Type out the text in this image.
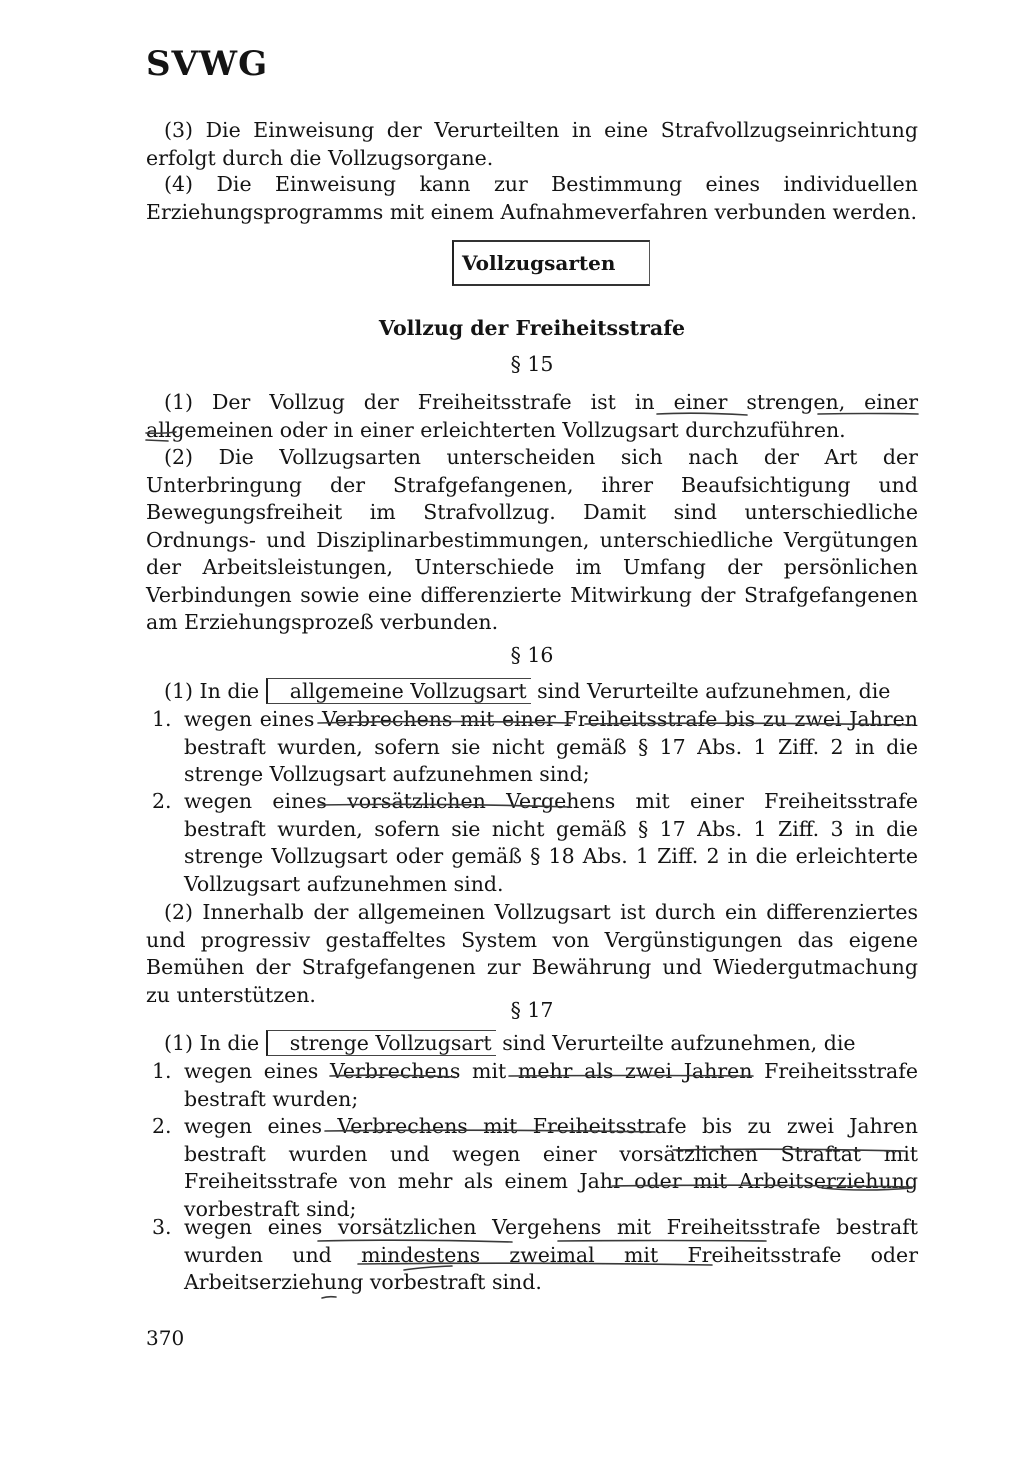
SVWG
(3) Die Einweisung der Verurteilten in eine Strafvollzugseinrichtung erfolgt durch die Vollzugsorgane.
(4) Die Einweisung kann zur Bestimmung eines individuellen Erziehungsprogramms mit einem Aufnahmeverfahren verbunden werden.
Vollzugsarten
Vollzug der Freiheitsstrafe
§ 15
(1) Der Vollzug der Freiheitsstrafe ist in einer strengen, einer allgemeinen oder in einer erleichterten Vollzugsart durchzuführen.
(2) Die Vollzugsarten unterscheiden sich nach der Art der Unterbringung der Strafgefangenen, ihrer Beaufsichtigung und Bewegungsfreiheit im Strafvollzug. Damit sind unterschiedliche Ordnungs- und Disziplinarbestimmungen, unterschiedliche Vergütungen der Arbeitsleistungen, Unterschiede im Umfang der persönlichen Verbindungen sowie eine differenzierte Mitwirkung der Strafgefangenen am Erziehungsprozeß verbunden.
§ 16
(1) In die allgemeine Vollzugsart sind Verurteilte aufzunehmen, die
1. wegen eines Verbrechens mit einer Freiheitsstrafe bis zu zwei Jahren bestraft wurden, sofern sie nicht gemäß § 17 Abs. 1 Ziff. 2 in die strenge Vollzugsart aufzunehmen sind;
2. wegen eines vorsätzlichen Vergehens mit einer Freiheitsstrafe bestraft wurden, sofern sie nicht gemäß § 17 Abs. 1 Ziff. 3 in die strenge Vollzugsart oder gemäß § 18 Abs. 1 Ziff. 2 in die erleichterte Vollzugsart aufzunehmen sind.
(2) Innerhalb der allgemeinen Vollzugsart ist durch ein differenziertes und progressiv gestaffeltes System von Vergünstigungen das eigene Bemühen der Strafgefangenen zur Bewährung und Wiedergutmachung zu unterstützen.
§ 17
(1) In die strenge Vollzugsart sind Verurteilte aufzunehmen, die
1. wegen eines Verbrechens mit mehr als zwei Jahren Freiheitsstrafe bestraft wurden;
2. wegen eines Verbrechens mit Freiheitsstrafe bis zu zwei Jahren bestraft wurden und wegen einer vorsätzlichen Straftat mit Freiheitsstrafe von mehr als einem Jahr oder mit Arbeitserziehung vorbestraft sind;
3. wegen eines vorsätzlichen Vergehens mit Freiheitsstrafe bestraft wurden und mindestens zweimal mit Freiheitsstrafe oder Arbeitserziehung vorbestraft sind.
370
